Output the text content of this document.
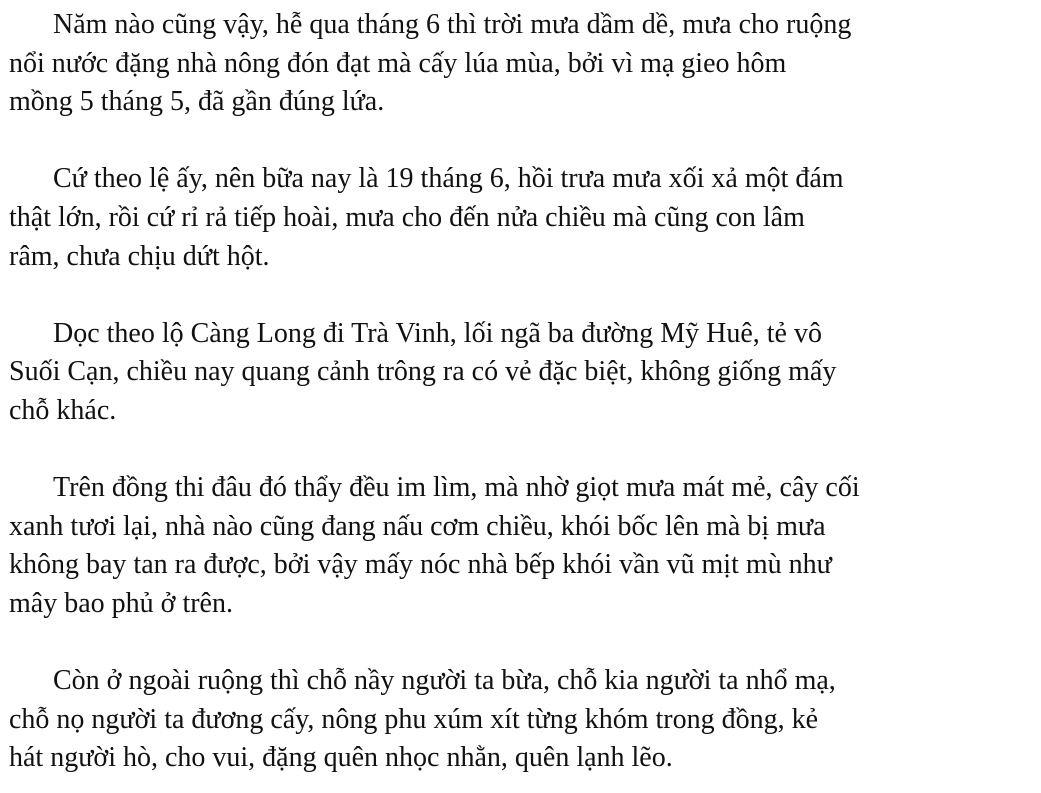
Năm nào cũng vậy, hễ qua tháng 6 thì trời mưa dầm dề, mưa cho ruộng
nổi nước đặng nhà nông đón đạt mà cấy lúa mùa, bởi vì mạ gieo hôm
mồng 5 tháng 5, đã gần đúng lứa.

Cứ theo lệ ấy, nên bữa nay là 19 tháng 6, hồi trưa mưa xối xả một đám
thật lớn, rồi cứ rỉ rả tiếp hoài, mưa cho đến nửa chiều mà cũng con lâm
râm, chưa chịu dứt hột.

Dọc theo lộ Càng Long đi Trà Vinh, lối ngã ba đường Mỹ Huê, tẻ vô
Suối Cạn, chiều nay quang cảnh trông ra có vẻ đặc biệt, không giống mấy
chỗ khác.

Trên đồng thi đâu đó thẩy đều im lìm, mà nhờ giọt mưa mát mẻ, cây cối
xanh tươi lại, nhà nào cũng đang nấu cơm chiều, khói bốc lên mà bị mưa
không bay tan ra được, bởi vậy mấy nóc nhà bếp khói vần vũ mịt mù như
mây bao phủ ở trên.

Còn ở ngoài ruộng thì chỗ nầy người ta bừa, chỗ kia người ta nhổ mạ,
chỗ nọ người ta đương cấy, nông phu xúm xít từng khóm trong đồng, kẻ
hát người hò, cho vui, đặng quên nhọc nhằn, quên lạnh lẽo.
